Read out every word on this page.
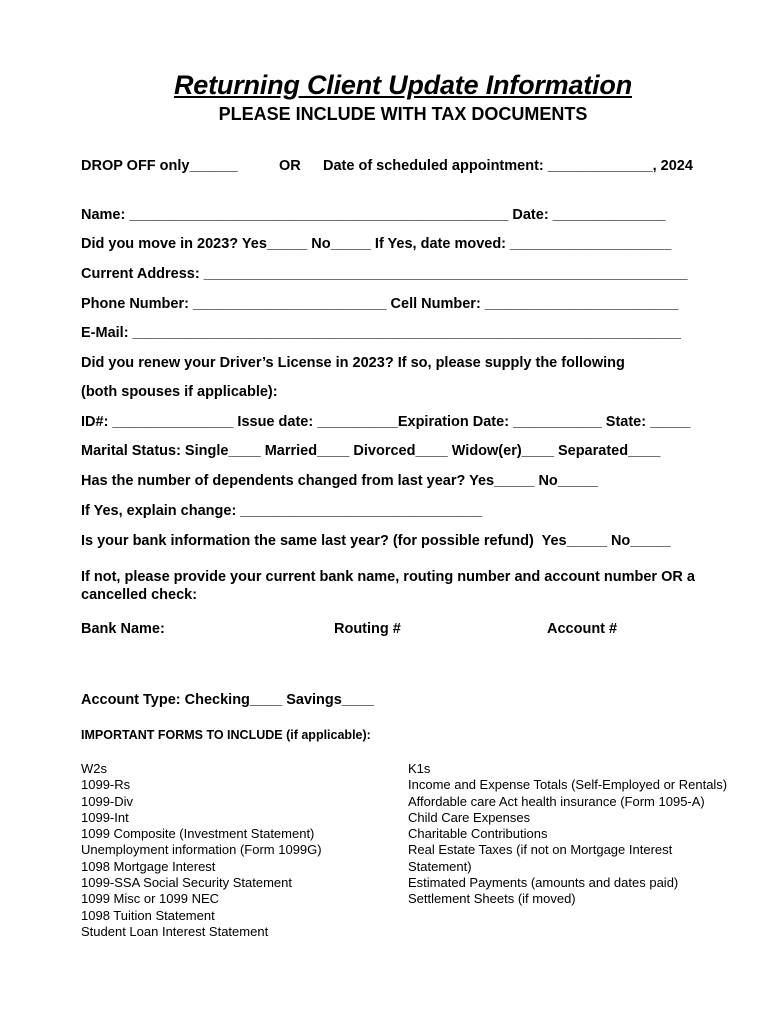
Returning Client Update Information
PLEASE INCLUDE WITH TAX DOCUMENTS
DROP OFF only______	OR Date of scheduled appointment: _____________, 2024
Name: _______________________________________________ Date: ______________
Did you move in 2023? Yes_____ No_____ If Yes, date moved: ____________________
Current Address: ____________________________________________________________
Phone Number: ________________________ Cell Number: ________________________
E-Mail: ____________________________________________________________________
Did you renew your Driver’s License in 2023? If so, please supply the following
(both spouses if applicable):
ID#: _______________ Issue date: __________Expiration Date: ___________ State: _____
Marital Status: Single____ Married____ Divorced____ Widow(er)____ Separated____
Has the number of dependents changed from last year? Yes_____ No_____
If Yes, explain change: ______________________________
Is your bank information the same last year? (for possible refund)  Yes_____ No_____
If not, please provide your current bank name, routing number and account number OR a cancelled check:
Bank Name:	Routing #	Account #
Account Type: Checking____ Savings____
IMPORTANT FORMS TO INCLUDE (if applicable):
W2s
1099-Rs
1099-Div
1099-Int
1099 Composite (Investment Statement)
Unemployment information (Form 1099G)
1098 Mortgage Interest
1099-SSA Social Security Statement
1099 Misc or 1099 NEC
1098 Tuition Statement
Student Loan Interest Statement
K1s
Income and Expense Totals (Self-Employed or Rentals)
Affordable care Act health insurance (Form 1095-A)
Child Care Expenses
Charitable Contributions
Real Estate Taxes (if not on Mortgage Interest Statement)
Estimated Payments (amounts and dates paid)
Settlement Sheets (if moved)
